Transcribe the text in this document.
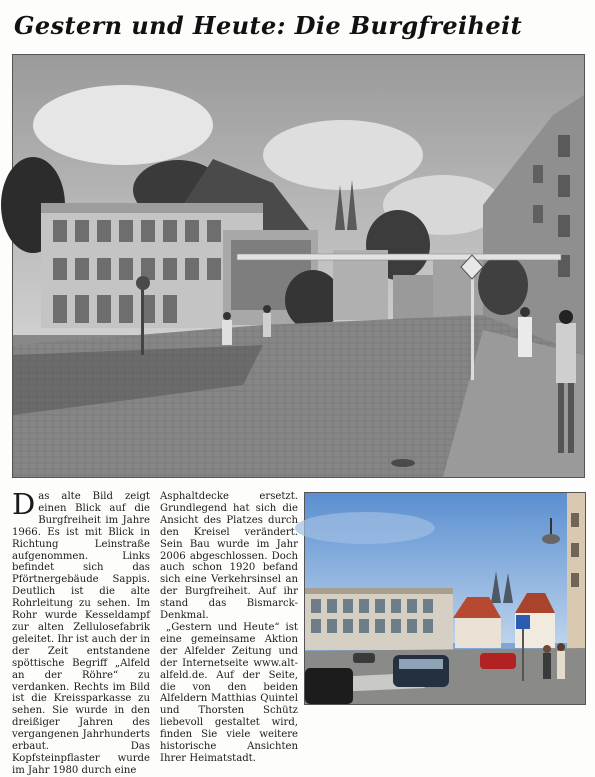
Gestern und Heute: Die Burgfreiheit

Das alte Bild zeigt einen Blick auf die Burgfreiheit im Jahre 1966. Es ist mit Blick in Richtung Leinstraße aufgenommen. Links befindet sich das Pförtnergebäude Sappis. Deutlich ist die alte Rohrleitung zu sehen. Im Rohr wurde Kesseldampf zur alten Zellulosefabrik geleitet. Ihr ist auch der in der Zeit entstandene spöttische Begriff „Alfeld an der Röhre“ zu verdanken. Rechts im Bild ist die Kreissparkasse zu sehen. Sie wurde in den dreißiger Jahren des vergangenen Jahrhunderts erbaut. Das Kopfsteinpflaster wurde im Jahr 1980 durch eine

Asphaltdecke ersetzt. Grundlegend hat sich die Ansicht des Platzes durch den Kreisel verändert. Sein Bau wurde im Jahr 2006 abgeschlossen. Doch auch schon 1920 befand sich eine Verkehrsinsel an der Burgfreiheit. Auf ihr stand das Bismarck-Denkmal.

„Gestern und Heute“ ist eine gemeinsame Aktion der Alfelder Zeitung und der Internetseite www.alt-alfeld.de. Auf der Seite, die von den beiden Alfeldern Matthias Quintel und Thorsten Schütz liebevoll gestaltet wird, finden Sie viele weitere historische Ansichten Ihrer Heimatstadt.
